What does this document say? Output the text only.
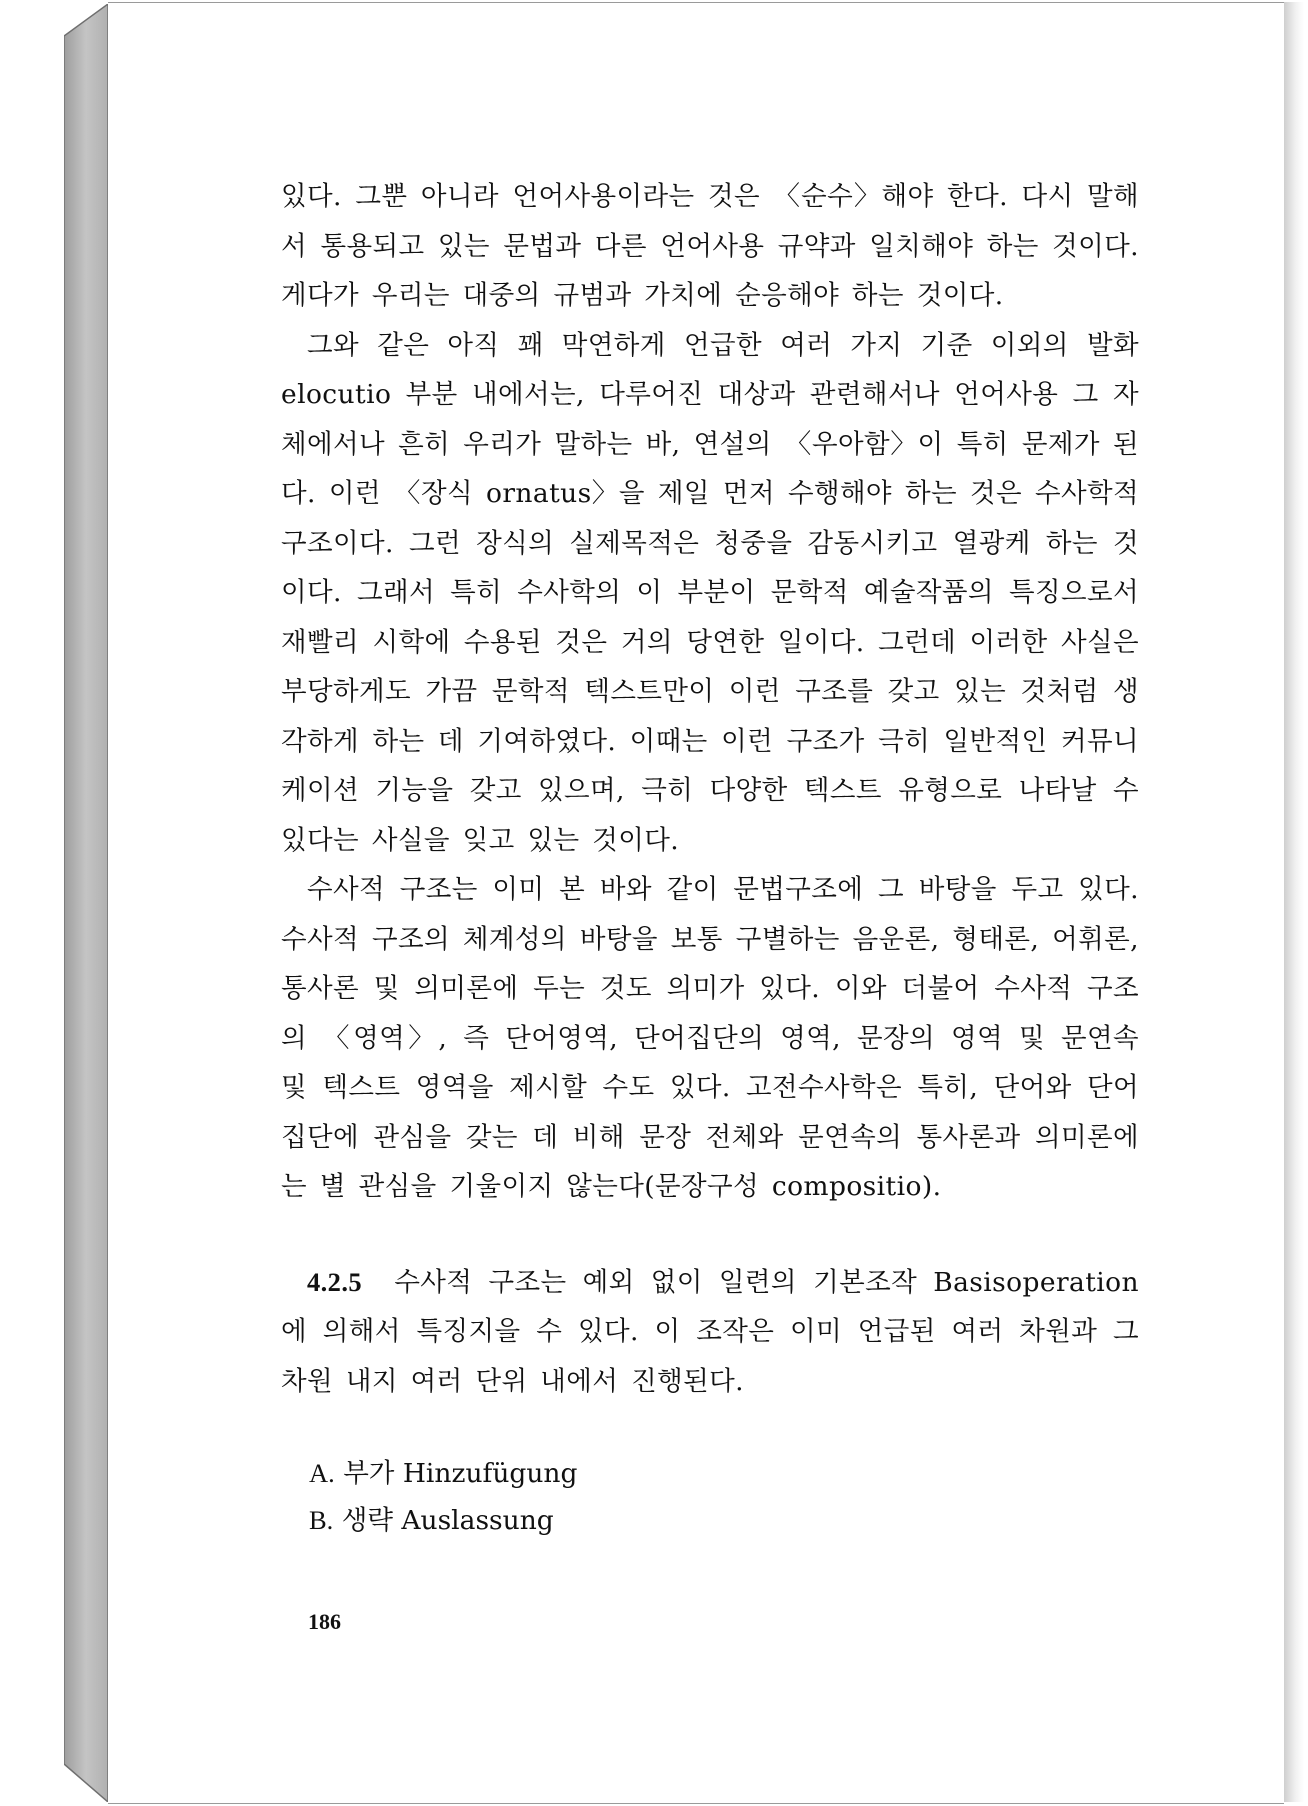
있다. 그뿐 아니라 언어사용이라는 것은 〈순수〉해야 한다. 다시 말해서 통용되고 있는 문법과 다른 언어사용 규약과 일치해야 하는 것이다. 게다가 우리는 대중의 규범과 가치에 순응해야 하는 것이다.

그와 같은 아직 꽤 막연하게 언급한 여러 가지 기준 이외의 발화 elocutio 부분 내에서는, 다루어진 대상과 관련해서나 언어사용 그 자체에서나 흔히 우리가 말하는 바, 연설의 〈우아함〉이 특히 문제가 된다. 이런 〈장식 ornatus〉을 제일 먼저 수행해야 하는 것은 수사학적 구조이다. 그런 장식의 실제목적은 청중을 감동시키고 열광케 하는 것이다. 그래서 특히 수사학의 이 부분이 문학적 예술작품의 특징으로서 재빨리 시학에 수용된 것은 거의 당연한 일이다. 그런데 이러한 사실은 부당하게도 가끔 문학적 텍스트만이 이런 구조를 갖고 있는 것처럼 생각하게 하는 데 기여하였다. 이때는 이런 구조가 극히 일반적인 커뮤니케이션 기능을 갖고 있으며, 극히 다양한 텍스트 유형으로 나타날 수 있다는 사실을 잊고 있는 것이다.

수사적 구조는 이미 본 바와 같이 문법구조에 그 바탕을 두고 있다. 수사적 구조의 체계성의 바탕을 보통 구별하는 음운론, 형태론, 어휘론, 통사론 및 의미론에 두는 것도 의미가 있다. 이와 더불어 수사적 구조의 〈영역〉, 즉 단어영역, 단어집단의 영역, 문장의 영역 및 문연속 및 텍스트 영역을 제시할 수도 있다. 고전수사학은 특히, 단어와 단어집단에 관심을 갖는 데 비해 문장 전체와 문연속의 통사론과 의미론에는 별 관심을 기울이지 않는다(문장구성 compositio).

4.2.5 수사적 구조는 예외 없이 일련의 기본조작 Basisoperation 에 의해서 특징지을 수 있다. 이 조작은 이미 언급된 여러 차원과 그 차원 내지 여러 단위 내에서 진행된다.

A. 부가 Hinzufügung
B. 생략 Auslassung
186
